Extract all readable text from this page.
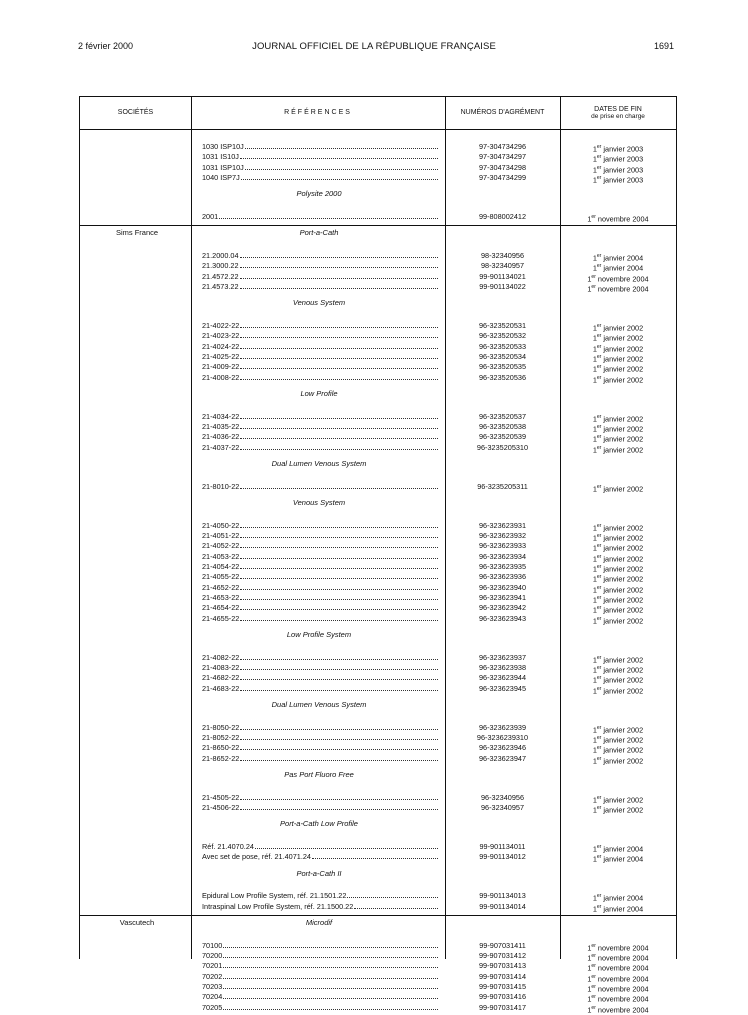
2 février 2000	JOURNAL OFFICIEL DE LA RÉPUBLIQUE FRANÇAISE	1691
SOCIÉTÉS	RÉFÉRENCES	NUMÉROS D'AGRÉMENT
DATES DE FIN
de prise en charge
1030 ISP10J	97-304734296	1er janvier 2003
1031 IS10J	97-304734297	1er janvier 2003
1031 ISP10J	97-304734298	1er janvier 2003
1040 ISP7J	97-304734299	1er janvier 2003
Polysite 2000
2001	99-808002412	1er novembre 2004
Sims France	Port-a-Cath
21.2000.04	98-32340956	1er janvier 2004
21.3000.22	98-32340957	1er janvier 2004
21.4572.22	99-901134021	1er novembre 2004
21.4573.22	99-901134022	1er novembre 2004
Venous System
21-4022-22	96-323520531	1er janvier 2002
21-4023-22	96-323520532	1er janvier 2002
21-4024-22	96-323520533	1er janvier 2002
21-4025-22	96-323520534	1er janvier 2002
21-4009-22	96-323520535	1er janvier 2002
21-4008-22	96-323520536	1er janvier 2002
Low Profile
21-4034-22	96-323520537	1er janvier 2002
21-4035-22	96-323520538	1er janvier 2002
21-4036-22	96-323520539	1er janvier 2002
21-4037-22	96-3235205310	1er janvier 2002
Dual Lumen Venous System
21-8010-22	96-3235205311	1er janvier 2002
Venous System
21-4050-22	96-323623931	1er janvier 2002
21-4051-22	96-323623932	1er janvier 2002
21-4052-22	96-323623933	1er janvier 2002
21-4053-22	96-323623934	1er janvier 2002
21-4054-22	96-323623935	1er janvier 2002
21-4055-22	96-323623936	1er janvier 2002
21-4652-22	96-323623940	1er janvier 2002
21-4653-22	96-323623941	1er janvier 2002
21-4654-22	96-323623942	1er janvier 2002
21-4655-22	96-323623943	1er janvier 2002
Low Profile System
21-4082-22	96-323623937	1er janvier 2002
21-4083-22	96-323623938	1er janvier 2002
21-4682-22	96-323623944	1er janvier 2002
21-4683-22	96-323623945	1er janvier 2002
Dual Lumen Venous System
21-8050-22	96-323623939	1er janvier 2002
21-8052-22	96-3236239310	1er janvier 2002
21-8650-22	96-323623946	1er janvier 2002
21-8652-22	96-323623947	1er janvier 2002
Pas Port Fluoro Free
21-4505-22	96-32340956	1er janvier 2002
21-4506-22	96-32340957	1er janvier 2002
Port-a-Cath Low Profile
Réf. 21.4070.24	99-901134011	1er janvier 2004
Avec set de pose, réf. 21.4071.24	99-901134012	1er janvier 2004
Port-a-Cath II
Epidural Low Profile System, réf. 21.1501.22	99-901134013	1er janvier 2004
Intraspinal Low Profile System, réf. 21.1500.22	99-901134014	1er janvier 2004
Vascutech	Microdif
70100	99-907031411	1er novembre 2004
70200	99-907031412	1er novembre 2004
70201	99-907031413	1er novembre 2004
70202	99-907031414	1er novembre 2004
70203	99-907031415	1er novembre 2004
70204	99-907031416	1er novembre 2004
70205	99-907031417	1er novembre 2004
